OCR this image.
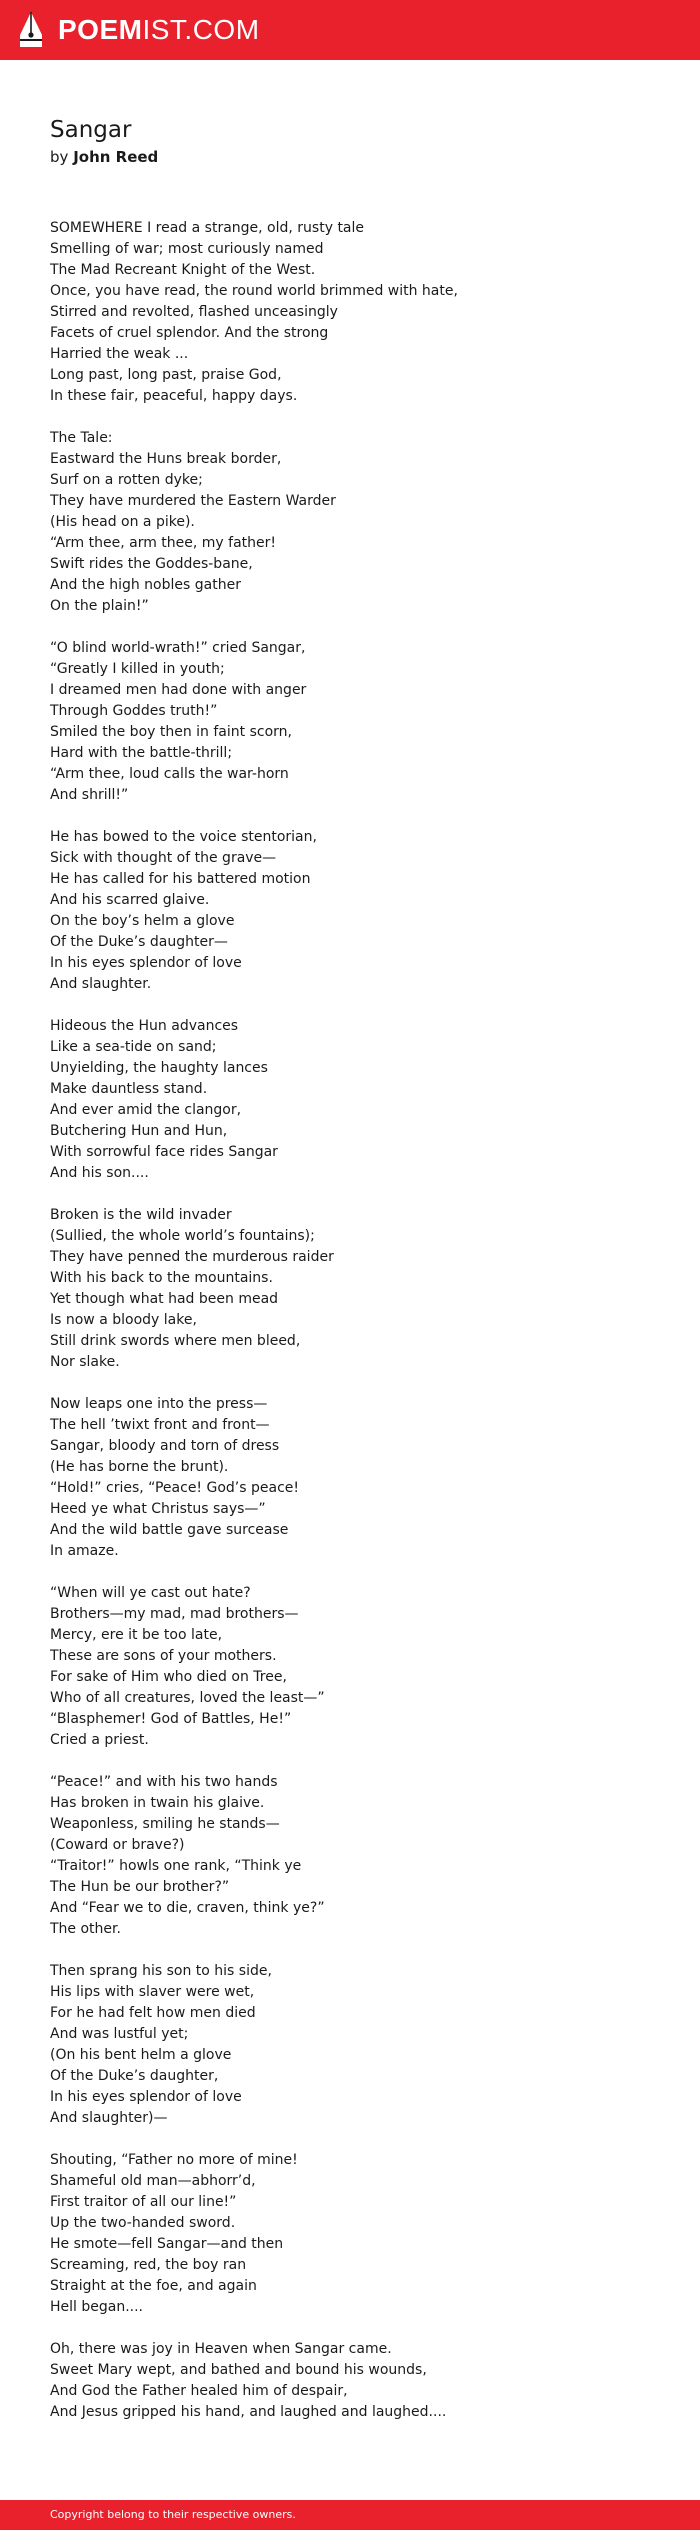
POEMIST.COM
Sangar
by John Reed
SOMEWHERE I read a strange, old, rusty tale
Smelling of war; most curiously named
The Mad Recreant Knight of the West.
Once, you have read, the round world brimmed with hate,
Stirred and revolted, flashed unceasingly
Facets of cruel splendor. And the strong
Harried the weak ...
Long past, long past, praise God,
In these fair, peaceful, happy days.
The Tale:
Eastward the Huns break border,
Surf on a rotten dyke;
They have murdered the Eastern Warder
(His head on a pike).
“Arm thee, arm thee, my father!
Swift rides the Goddes-bane,
And the high nobles gather
On the plain!”
“O blind world-wrath!” cried Sangar,
“Greatly I killed in youth;
I dreamed men had done with anger
Through Goddes truth!”
Smiled the boy then in faint scorn,
Hard with the battle-thrill;
“Arm thee, loud calls the war-horn
And shrill!”
He has bowed to the voice stentorian,
Sick with thought of the grave—
He has called for his battered motion
And his scarred glaive.
On the boy’s helm a glove
Of the Duke’s daughter—
In his eyes splendor of love
And slaughter.
Hideous the Hun advances
Like a sea-tide on sand;
Unyielding, the haughty lances
Make dauntless stand.
And ever amid the clangor,
Butchering Hun and Hun,
With sorrowful face rides Sangar
And his son....
Broken is the wild invader
(Sullied, the whole world’s fountains);
They have penned the murderous raider
With his back to the mountains.
Yet though what had been mead
Is now a bloody lake,
Still drink swords where men bleed,
Nor slake.
Now leaps one into the press—
The hell ’twixt front and front—
Sangar, bloody and torn of dress
(He has borne the brunt).
“Hold!” cries, “Peace! God’s peace!
Heed ye what Christus says—”
And the wild battle gave surcease
In amaze.
“When will ye cast out hate?
Brothers—my mad, mad brothers—
Mercy, ere it be too late,
These are sons of your mothers.
For sake of Him who died on Tree,
Who of all creatures, loved the least—”
“Blasphemer! God of Battles, He!”
Cried a priest.
“Peace!” and with his two hands
Has broken in twain his glaive.
Weaponless, smiling he stands—
(Coward or brave?)
“Traitor!” howls one rank, “Think ye
The Hun be our brother?”
And “Fear we to die, craven, think ye?”
The other.
Then sprang his son to his side,
His lips with slaver were wet,
For he had felt how men died
And was lustful yet;
(On his bent helm a glove
Of the Duke’s daughter,
In his eyes splendor of love
And slaughter)—
Shouting, “Father no more of mine!
Shameful old man—abhorr’d,
First traitor of all our line!”
Up the two-handed sword.
He smote—fell Sangar—and then
Screaming, red, the boy ran
Straight at the foe, and again
Hell began....
Oh, there was joy in Heaven when Sangar came.
Sweet Mary wept, and bathed and bound his wounds,
And God the Father healed him of despair,
And Jesus gripped his hand, and laughed and laughed....
Copyright belong to their respective owners.
